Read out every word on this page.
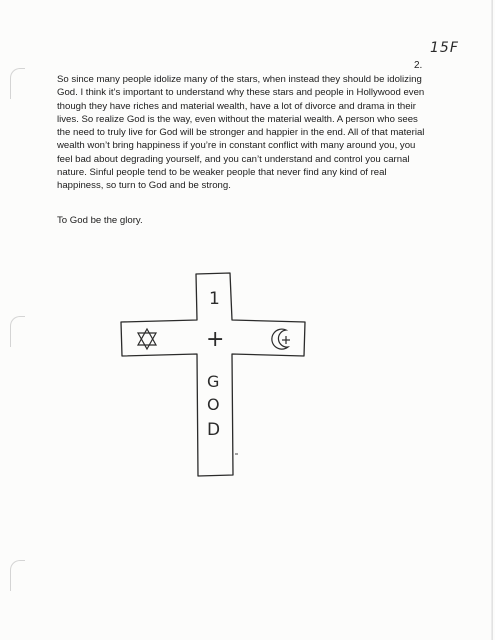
15F
2.

So since many people idolize many of the stars, when instead they should be idolizing God. I think it’s important to understand why these stars and people in Hollywood even though they have riches and material wealth, have a lot of divorce and drama in their lives. So realize God is the way, even without the material wealth. A person who sees the need to truly live for God will be stronger and happier in the end. All of that material wealth won’t bring happiness if you’re in constant conflict with many around you, you feel bad about degrading yourself, and you can’t understand and control you carnal nature. Sinful people tend to be weaker people that never find any kind of real happiness, so turn to God and be strong.

To God be the glory.

1
+
G
O
D
